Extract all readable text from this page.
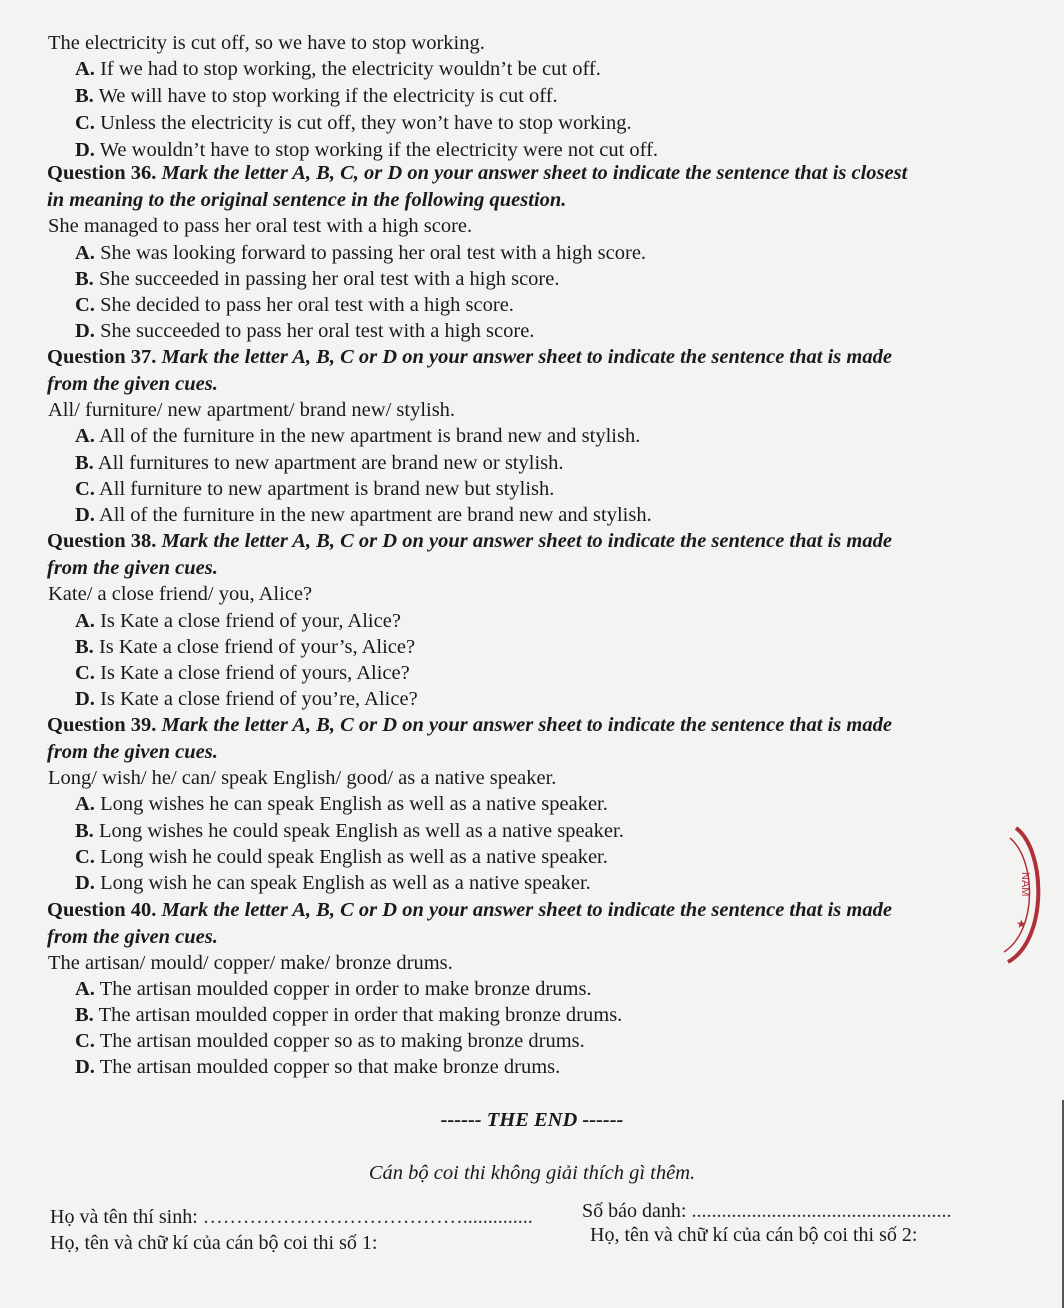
The electricity is cut off, so we have to stop working.
A. If we had to stop working, the electricity wouldn’t be cut off.
B. We will have to stop working if the electricity is cut off.
C. Unless the electricity is cut off, they won’t have to stop working.
D. We wouldn’t have to stop working if the electricity were not cut off.
Question 36. Mark the letter A, B, C, or D on your answer sheet to indicate the sentence that is closest
in meaning to the original sentence in the following question.
She managed to pass her oral test with a high score.
A. She was looking forward to passing her oral test with a high score.
B. She succeeded in passing her oral test with a high score.
C. She decided to pass her oral test with a high score.
D. She succeeded to pass her oral test with a high score.
Question 37. Mark the letter A, B, C or D on your answer sheet to indicate the sentence that is made
from the given cues.
All/ furniture/ new apartment/ brand new/ stylish.
A. All of the furniture in the new apartment is brand new and stylish.
B. All furnitures to new apartment are brand new or stylish.
C. All furniture to new apartment is brand new but stylish.
D. All of the furniture in the new apartment are brand new and stylish.
Question 38. Mark the letter A, B, C or D on your answer sheet to indicate the sentence that is made
from the given cues.
Kate/ a close friend/ you, Alice?
A. Is Kate a close friend of your, Alice?
B. Is Kate a close friend of your’s, Alice?
C. Is Kate a close friend of yours, Alice?
D. Is Kate a close friend of you’re, Alice?
Question 39. Mark the letter A, B, C or D on your answer sheet to indicate the sentence that is made
from the given cues.
Long/ wish/ he/ can/ speak English/ good/ as a native speaker.
A. Long wishes he can speak English as well as a native speaker.
B. Long wishes he could speak English as well as a native speaker.
C. Long wish he could speak English as well as a native speaker.
D. Long wish he can speak English as well as a native speaker.
Question 40. Mark the letter A, B, C or D on your answer sheet to indicate the sentence that is made
from the given cues.
The artisan/ mould/ copper/ make/ bronze drums.
A. The artisan moulded copper in order to make bronze drums.
B. The artisan moulded copper in order that making bronze drums.
C. The artisan moulded copper so as to making bronze drums.
D. The artisan moulded copper so that make bronze drums.
------ THE END ------
Cán bộ coi thi không giải thích gì thêm.
Họ và tên thí sinh: ………………………………….............. Số báo danh: ....................................................
Họ, tên và chữ kí của cán bộ coi thi số 1:	Họ, tên và chữ kí của cán bộ coi thi số 2:
NAM
★
